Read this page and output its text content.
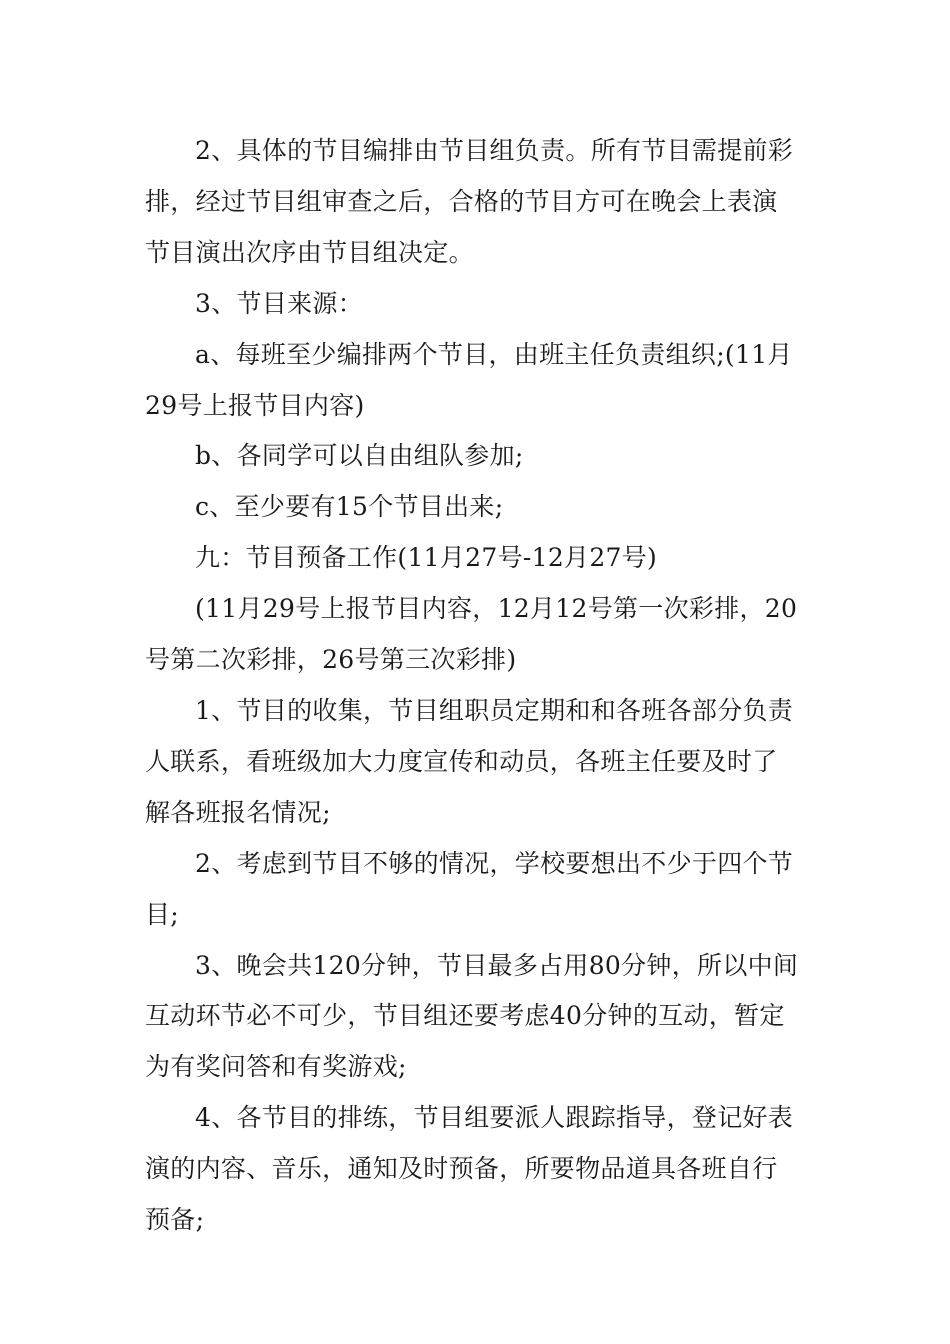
2、具体的节目编排由节目组负责。所有节目需提前彩
排，经过节目组审查之后，合格的节目方可在晚会上表演
节目演出次序由节目组决定。
3、节目来源：
a、每班至少编排两个节目，由班主任负责组织;(11月
29号上报节目内容)
b、各同学可以自由组队参加;
c、至少要有15个节目出来;
九：节目预备工作(11月27号-12月27号)
(11月29号上报节目内容，12月12号第一次彩排，20
号第二次彩排，26号第三次彩排)
1、节目的收集，节目组职员定期和和各班各部分负责
人联系，看班级加大力度宣传和动员，各班主任要及时了
解各班报名情况;
2、考虑到节目不够的情况，学校要想出不少于四个节
目;
3、晚会共120分钟，节目最多占用80分钟，所以中间
互动环节必不可少，节目组还要考虑40分钟的互动，暂定
为有奖问答和有奖游戏;
4、各节目的排练，节目组要派人跟踪指导，登记好表
演的内容、音乐，通知及时预备，所要物品道具各班自行
预备;
